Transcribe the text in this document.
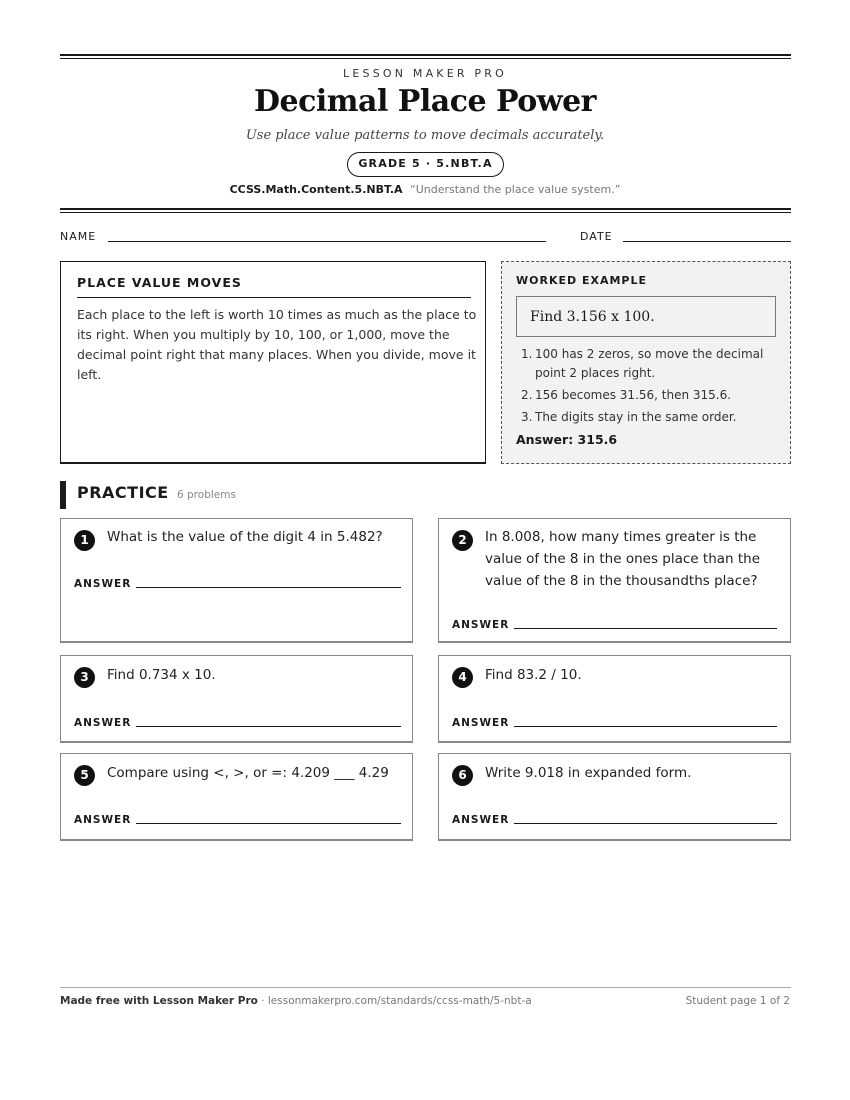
LESSON MAKER PRO
Decimal Place Power
Use place value patterns to move decimals accurately.
GRADE 5 · 5.NBT.A
CCSS.Math.Content.5.NBT.A “Understand the place value system.”
NAME	DATE
PLACE VALUE MOVES
Each place to the left is worth 10 times as much as the place to its right. When you multiply by 10, 100, or 1,000, move the decimal point right that many places. When you divide, move it left.
WORKED EXAMPLE
Find 3.156 x 100.
1. 100 has 2 zeros, so move the decimal point 2 places right.
2. 156 becomes 31.56, then 315.6.
3. The digits stay in the same order.
Answer: 315.6
PRACTICE 6 problems
1	What is the value of the digit 4 in 5.482?
ANSWER
2	In 8.008, how many times greater is the value of the 8 in the ones place than the value of the 8 in the thousandths place?
ANSWER
3	Find 0.734 x 10.
ANSWER
4	Find 83.2 / 10.
ANSWER
5	Compare using <, >, or =: 4.209 ___ 4.29
ANSWER
6	Write 9.018 in expanded form.
ANSWER
Made free with Lesson Maker Pro · lessonmakerpro.com/standards/ccss-math/5-nbt-a	Student page 1 of 2
